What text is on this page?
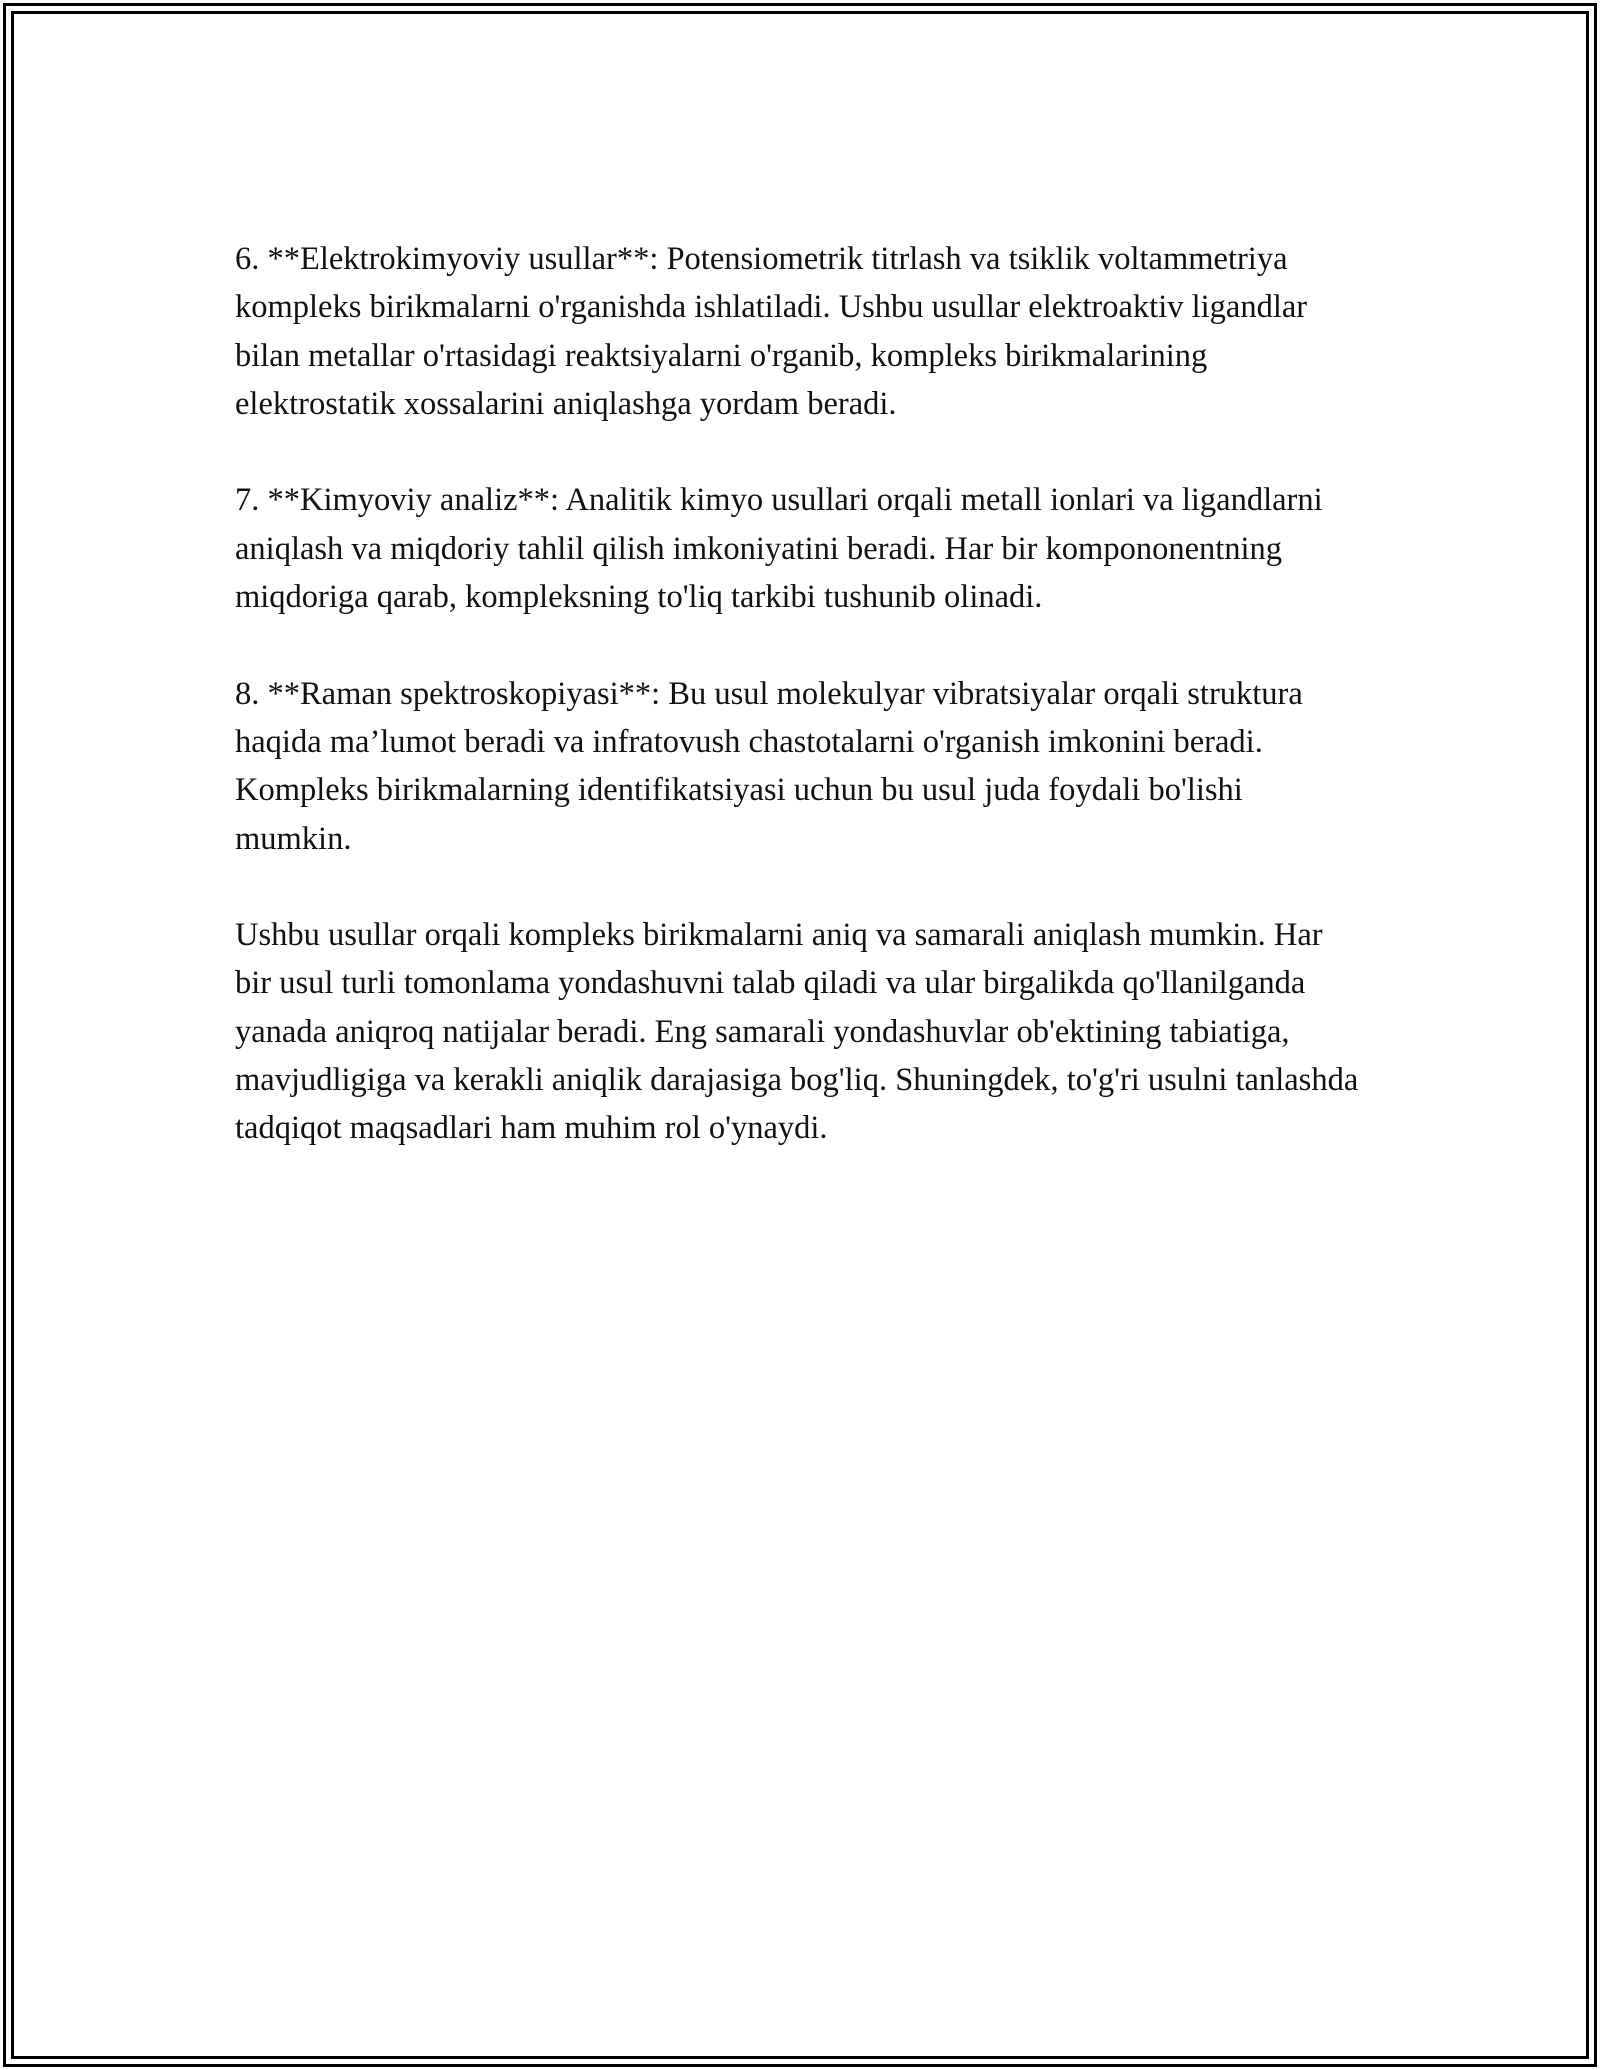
6. **Elektrokimyoviy usullar**: Potensiometrik titrlash va tsiklik voltammetriya kompleks birikmalarni o'rganishda ishlatiladi. Ushbu usullar elektroaktiv ligandlar bilan metallar o'rtasidagi reaktsiyalarni o'rganib, kompleks birikmalarining elektrostatik xossalarini aniqlashga yordam beradi.

7. **Kimyoviy analiz**: Analitik kimyo usullari orqali metall ionlari va ligandlarni aniqlash va miqdoriy tahlil qilish imkoniyatini beradi. Har bir kompononentning miqdoriga qarab, kompleksning to'liq tarkibi tushunib olinadi.

8. **Raman spektroskopiyasi**: Bu usul molekulyar vibratsiyalar orqali struktura haqida ma’lumot beradi va infratovush chastotalarni o'rganish imkonini beradi. Kompleks birikmalarning identifikatsiyasi uchun bu usul juda foydali bo'lishi mumkin.

Ushbu usullar orqali kompleks birikmalarni aniq va samarali aniqlash mumkin. Har bir usul turli tomonlama yondashuvni talab qiladi va ular birgalikda qo'llanilganda yanada aniqroq natijalar beradi. Eng samarali yondashuvlar ob'ektining tabiatiga, mavjudligiga va kerakli aniqlik darajasiga bog'liq. Shuningdek, to'g'ri usulni tanlashda tadqiqot maqsadlari ham muhim rol o'ynaydi.
